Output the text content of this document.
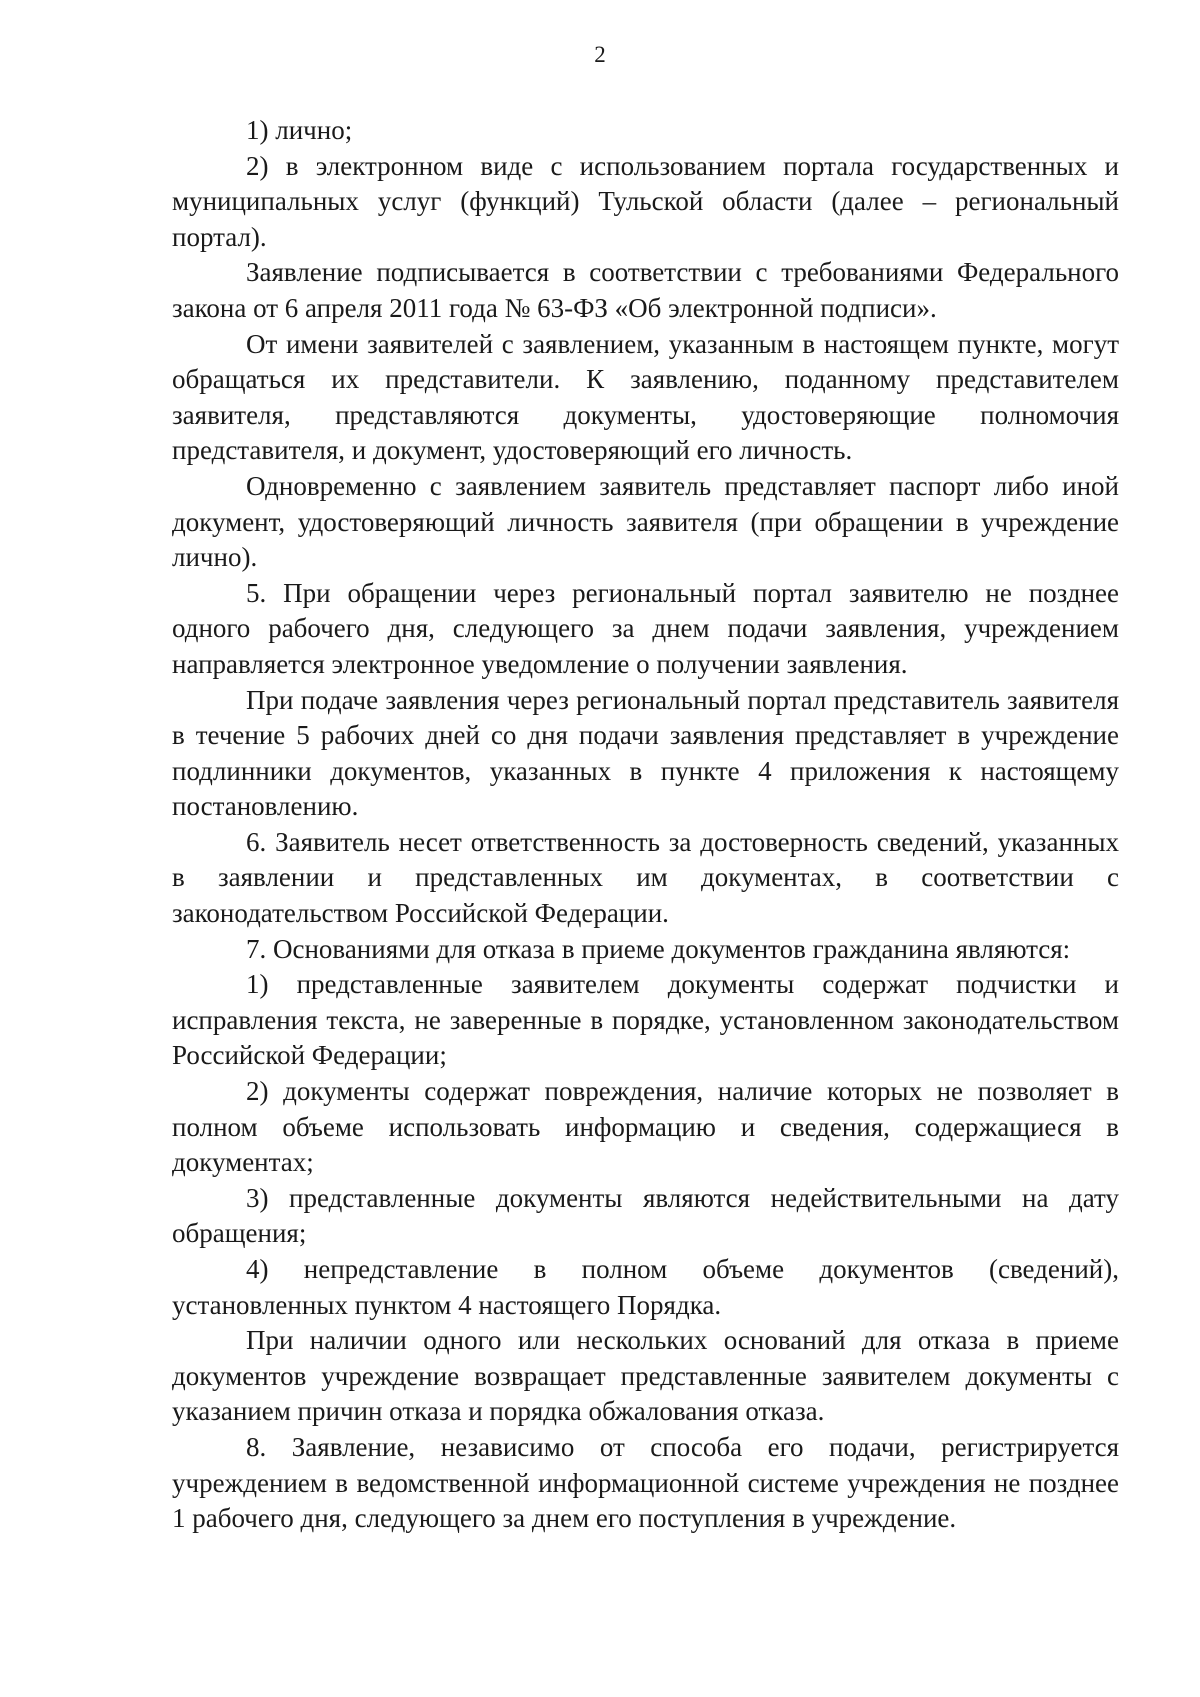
2

1) лично;

2) в электронном виде с использованием портала государственных и муниципальных услуг (функций) Тульской области (далее – региональный портал).

Заявление подписывается в соответствии с требованиями Федерального закона от 6 апреля 2011 года № 63-ФЗ «Об электронной подписи».

От имени заявителей с заявлением, указанным в настоящем пункте, могут обращаться их представители. К заявлению, поданному представителем заявителя, представляются документы, удостоверяющие полномочия представителя, и документ, удостоверяющий его личность.

Одновременно с заявлением заявитель представляет паспорт либо иной документ, удостоверяющий личность заявителя (при обращении в учреждение лично).

5. При обращении через региональный портал заявителю не позднее одного рабочего дня, следующего за днем подачи заявления, учреждением направляется электронное уведомление о получении заявления.

При подаче заявления через региональный портал представитель заявителя в течение 5 рабочих дней со дня подачи заявления представляет в учреждение подлинники документов, указанных в пункте 4 приложения к настоящему постановлению.

6. Заявитель несет ответственность за достоверность сведений, указанных в заявлении и представленных им документах, в соответствии с законодательством Российской Федерации.

7. Основаниями для отказа в приеме документов гражданина являются:

1) представленные заявителем документы содержат подчистки и исправления текста, не заверенные в порядке, установленном законодательством Российской Федерации;

2) документы содержат повреждения, наличие которых не позволяет в полном объеме использовать информацию и сведения, содержащиеся в документах;

3) представленные документы являются недействительными на дату обращения;

4) непредставление в полном объеме документов (сведений), установленных пунктом 4 настоящего Порядка.

При наличии одного или нескольких оснований для отказа в приеме документов учреждение возвращает представленные заявителем документы с указанием причин отказа и порядка обжалования отказа.

8. Заявление, независимо от способа его подачи, регистрируется учреждением в ведомственной информационной системе учреждения не позднее 1 рабочего дня, следующего за днем его поступления в учреждение.
